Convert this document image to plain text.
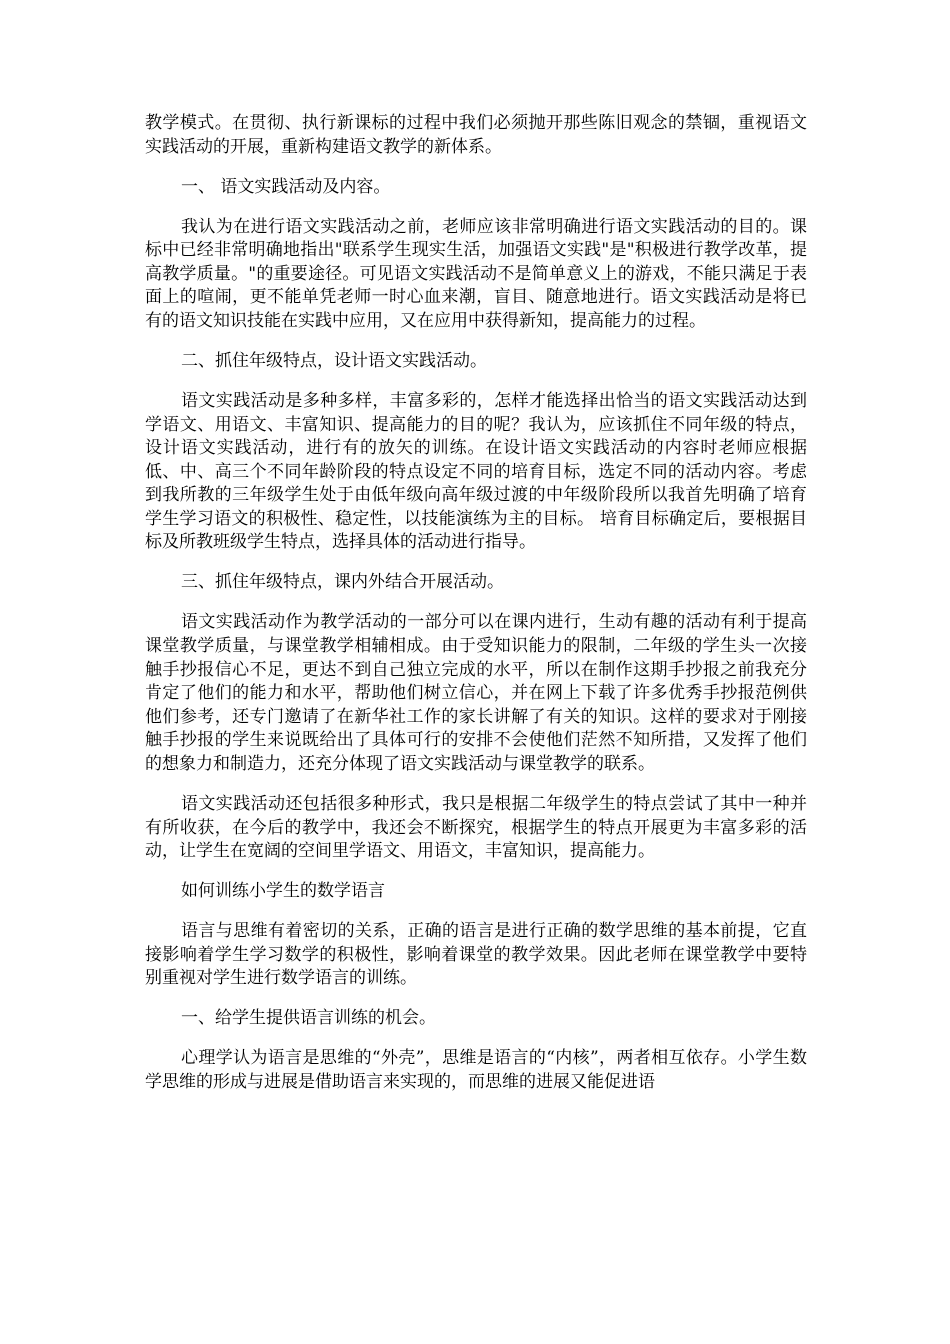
教学模式。在贯彻、执行新课标的过程中我们必须抛开那些陈旧观念的禁锢，重视语文实践活动的开展，重新构建语文教学的新体系。

一、 语文实践活动及内容。

我认为在进行语文实践活动之前，老师应该非常明确进行语文实践活动的目的。课标中已经非常明确地指出"联系学生现实生活，加强语文实践"是"积极进行教学改革，提高教学质量。"的重要途径。可见语文实践活动不是简单意义上的游戏，不能只满足于表面上的喧闹，更不能单凭老师一时心血来潮，盲目、随意地进行。语文实践活动是将已有的语文知识技能在实践中应用，又在应用中获得新知，提高能力的过程。

二、抓住年级特点，设计语文实践活动。

语文实践活动是多种多样，丰富多彩的，怎样才能选择出恰当的语文实践活动达到学语文、用语文、丰富知识、提高能力的目的呢？我认为，应该抓住不同年级的特点，设计语文实践活动，进行有的放矢的训练。在设计语文实践活动的内容时老师应根据低、中、高三个不同年龄阶段的特点设定不同的培育目标，选定不同的活动内容。考虑到我所教的三年级学生处于由低年级向高年级过渡的中年级阶段所以我首先明确了培育学生学习语文的积极性、稳定性，以技能演练为主的目标。 培育目标确定后，要根据目标及所教班级学生特点，选择具体的活动进行指导。

三、抓住年级特点，课内外结合开展活动。

语文实践活动作为教学活动的一部分可以在课内进行，生动有趣的活动有利于提高课堂教学质量，与课堂教学相辅相成。由于受知识能力的限制，二年级的学生头一次接触手抄报信心不足，更达不到自己独立完成的水平，所以在制作这期手抄报之前我充分肯定了他们的能力和水平，帮助他们树立信心，并在网上下载了许多优秀手抄报范例供他们参考，还专门邀请了在新华社工作的家长讲解了有关的知识。这样的要求对于刚接触手抄报的学生来说既给出了具体可行的安排不会使他们茫然不知所措，又发挥了他们的想象力和制造力，还充分体现了语文实践活动与课堂教学的联系。

语文实践活动还包括很多种形式，我只是根据二年级学生的特点尝试了其中一种并有所收获，在今后的教学中，我还会不断探究，根据学生的特点开展更为丰富多彩的活动，让学生在宽阔的空间里学语文、用语文，丰富知识，提高能力。

如何训练小学生的数学语言

语言与思维有着密切的关系，正确的语言是进行正确的数学思维的基本前提，它直接影响着学生学习数学的积极性，影响着课堂的教学效果。因此老师在课堂教学中要特别重视对学生进行数学语言的训练。

一、给学生提供语言训练的机会。

心理学认为语言是思维的“外壳”，思维是语言的“内核”，两者相互依存。小学生数学思维的形成与进展是借助语言来实现的，而思维的进展又能促进语
